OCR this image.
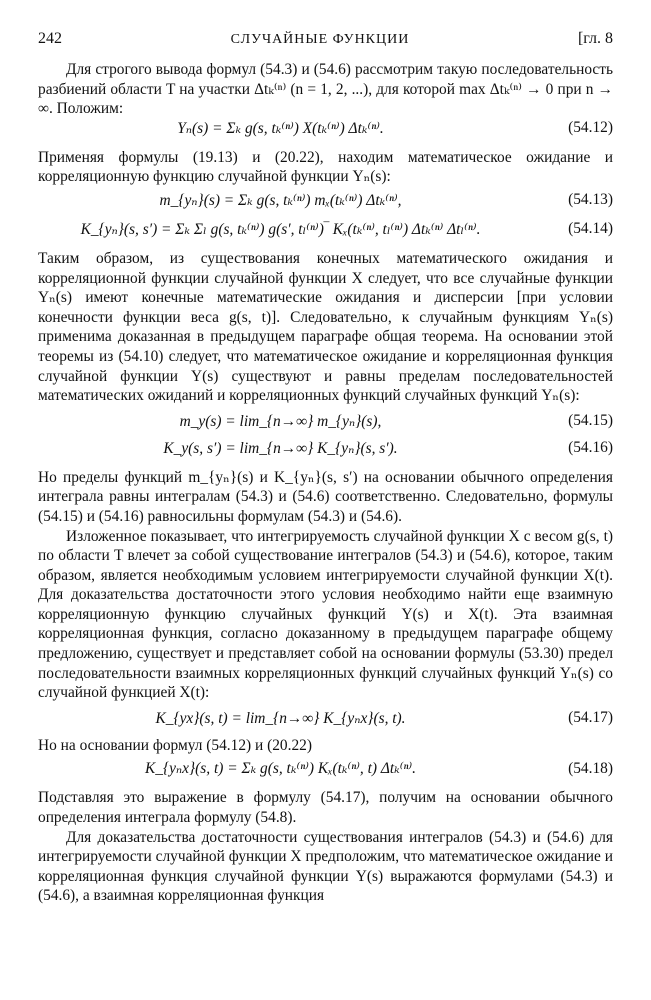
242	СЛУЧАЙНЫЕ ФУНКЦИИ	[гл. 8

Для строгого вывода формул (54.3) и (54.6) рассмотрим такую последовательность разбиений области T на участки Δtₖ⁽ⁿ⁾ (n = 1, 2, ...), для которой max Δtₖ⁽ⁿ⁾ → 0 при n → ∞. Положим:

Yₙ(s) = Σₖ g(s, tₖ⁽ⁿ⁾) X(tₖ⁽ⁿ⁾) Δtₖ⁽ⁿ⁾.	(54.12)

Применяя формулы (19.13) и (20.22), находим математическое ожидание и корреляционную функцию случайной функции Yₙ(s):

m_{yₙ}(s) = Σₖ g(s, tₖ⁽ⁿ⁾) mₓ(tₖ⁽ⁿ⁾) Δtₖ⁽ⁿ⁾,	(54.13)
K_{yₙ}(s, s′) = Σₖ Σₗ g(s, tₖ⁽ⁿ⁾) g(s′, tₗ⁽ⁿ⁾)‾ Kₓ(tₖ⁽ⁿ⁾, tₗ⁽ⁿ⁾) Δtₖ⁽ⁿ⁾ Δtₗ⁽ⁿ⁾.	(54.14)

Таким образом, из существования конечных математического ожидания и корреляционной функции случайной функции X следует, что все случайные функции Yₙ(s) имеют конечные математические ожидания и дисперсии [при условии конечности функции веса g(s, t)]. Следовательно, к случайным функциям Yₙ(s) применима доказанная в предыдущем параграфе общая теорема. На основании этой теоремы из (54.10) следует, что математическое ожидание и корреляционная функция случайной функции Y(s) существуют и равны пределам последовательностей математических ожиданий и корреляционных функций случайных функций Yₙ(s):

m_y(s) = lim_{n→∞} m_{yₙ}(s),	(54.15)
K_y(s, s′) = lim_{n→∞} K_{yₙ}(s, s′).	(54.16)

Но пределы функций m_{yₙ}(s) и K_{yₙ}(s, s′) на основании обычного определения интеграла равны интегралам (54.3) и (54.6) соответственно. Следовательно, формулы (54.15) и (54.16) равносильны формулам (54.3) и (54.6).

Изложенное показывает, что интегрируемость случайной функции X с весом g(s, t) по области T влечет за собой существование интегралов (54.3) и (54.6), которое, таким образом, является необходимым условием интегрируемости случайной функции X(t). Для доказательства достаточности этого условия необходимо найти еще взаимную корреляционную функцию случайных функций Y(s) и X(t). Эта взаимная корреляционная функция, согласно доказанному в предыдущем параграфе общему предложению, существует и представляет собой на основании формулы (53.30) предел последовательности взаимных корреляционных функций случайных функций Yₙ(s) со случайной функцией X(t):

K_{yx}(s, t) = lim_{n→∞} K_{yₙx}(s, t).	(54.17)

Но на основании формул (54.12) и (20.22)

K_{yₙx}(s, t) = Σₖ g(s, tₖ⁽ⁿ⁾) Kₓ(tₖ⁽ⁿ⁾, t) Δtₖ⁽ⁿ⁾.	(54.18)

Подставляя это выражение в формулу (54.17), получим на основании обычного определения интеграла формулу (54.8).

Для доказательства достаточности существования интегралов (54.3) и (54.6) для интегрируемости случайной функции X предположим, что математическое ожидание и корреляционная функция случайной функции Y(s) выражаются формулами (54.3) и (54.6), а взаимная корреляционная функция
